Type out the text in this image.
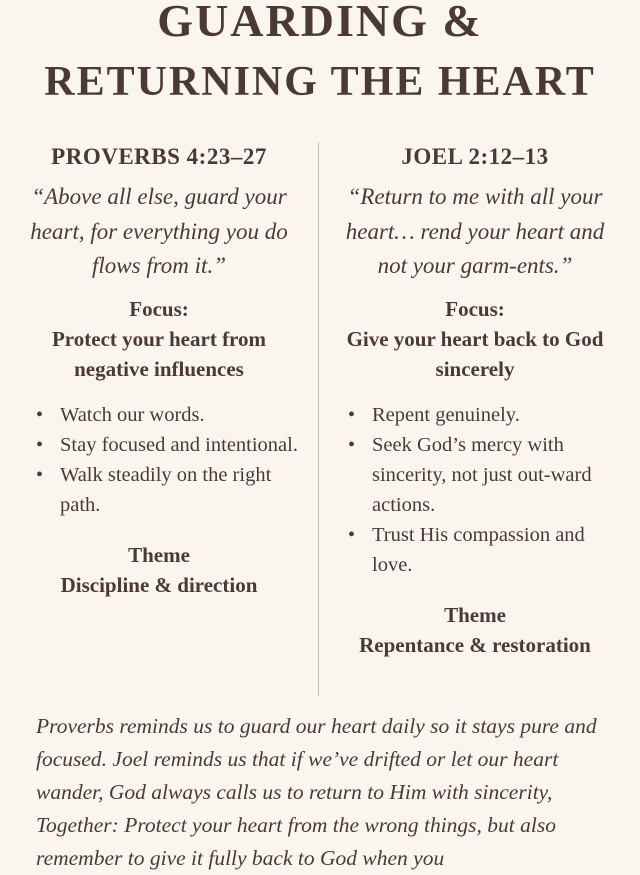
GUARDING &
RETURNING THE HEART
PROVERBS 4:23–27
“Above all else, guard your heart, for everything you do flows from it.”
Focus:
Protect your heart from negative influences
• Watch our words.
• Stay focused and intentional.
• Walk steadily on the right path.
Theme
Discipline & direction
JOEL 2:12–13
“Return to me with all your heart… rend your heart and not your garm-ents.”
Focus:
Give your heart back to God sincerely
• Repent genuinely.
• Seek God’s mercy with sincerity, not just out-ward actions.
• Trust His compassion and love.
Theme
Repentance & restoration
Proverbs reminds us to guard our heart daily so it stays pure and focused. Joel reminds us that if we’ve drifted or let our heart wander, God always calls us to return to Him with sincerity, Together: Protect your heart from the wrong things, but also remember to give it fully back to God when you
